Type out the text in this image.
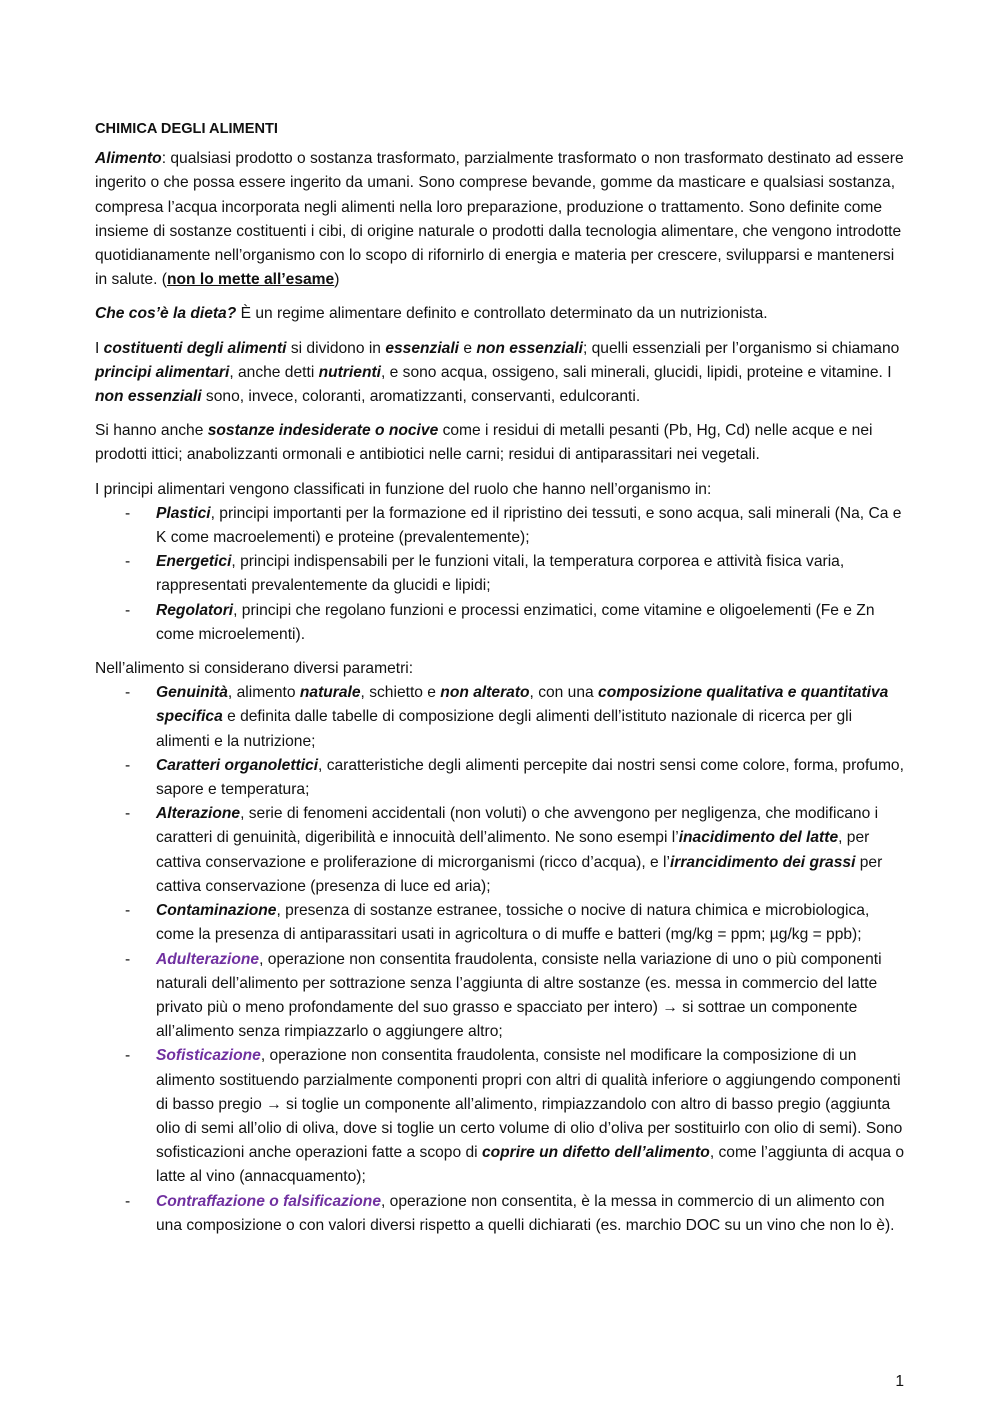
CHIMICA DEGLI ALIMENTI

Alimento: qualsiasi prodotto o sostanza trasformato, parzialmente trasformato o non trasformato destinato ad essere ingerito o che possa essere ingerito da umani. Sono comprese bevande, gomme da masticare e qualsiasi sostanza, compresa l’acqua incorporata negli alimenti nella loro preparazione, produzione o trattamento. Sono definite come insieme di sostanze costituenti i cibi, di origine naturale o prodotti dalla tecnologia alimentare, che vengono introdotte quotidianamente nell’organismo con lo scopo di rifornirlo di energia e materia per crescere, svilupparsi e mantenersi in salute. (non lo mette all’esame)

Che cos’è la dieta? È un regime alimentare definito e controllato determinato da un nutrizionista.

I costituenti degli alimenti si dividono in essenziali e non essenziali; quelli essenziali per l’organismo si chiamano principi alimentari, anche detti nutrienti, e sono acqua, ossigeno, sali minerali, glucidi, lipidi, proteine e vitamine. I non essenziali sono, invece, coloranti, aromatizzanti, conservanti, edulcoranti.

Si hanno anche sostanze indesiderate o nocive come i residui di metalli pesanti (Pb, Hg, Cd) nelle acque e nei prodotti ittici; anabolizzanti ormonali e antibiotici nelle carni; residui di antiparassitari nei vegetali.

I principi alimentari vengono classificati in funzione del ruolo che hanno nell’organismo in:

- Plastici, principi importanti per la formazione ed il ripristino dei tessuti, e sono acqua, sali minerali (Na, Ca e K come macroelementi) e proteine (prevalentemente);
- Energetici, principi indispensabili per le funzioni vitali, la temperatura corporea e attività fisica varia, rappresentati prevalentemente da glucidi e lipidi;
- Regolatori, principi che regolano funzioni e processi enzimatici, come vitamine e oligoelementi (Fe e Zn come microelementi).

Nell’alimento si considerano diversi parametri:

- Genuinità, alimento naturale, schietto e non alterato, con una composizione qualitativa e quantitativa specifica e definita dalle tabelle di composizione degli alimenti dell’istituto nazionale di ricerca per gli alimenti e la nutrizione;
- Caratteri organolettici, caratteristiche degli alimenti percepite dai nostri sensi come colore, forma, profumo, sapore e temperatura;
- Alterazione, serie di fenomeni accidentali (non voluti) o che avvengono per negligenza, che modificano i caratteri di genuinità, digeribilità e innocuità dell’alimento. Ne sono esempi l’inacidimento del latte, per cattiva conservazione e proliferazione di microrganismi (ricco d’acqua), e l’irrancidimento dei grassi per cattiva conservazione (presenza di luce ed aria);
- Contaminazione, presenza di sostanze estranee, tossiche o nocive di natura chimica e microbiologica, come la presenza di antiparassitari usati in agricoltura o di muffe e batteri (mg/kg = ppm; µg/kg = ppb);
- Adulterazione, operazione non consentita fraudolenta, consiste nella variazione di uno o più componenti naturali dell’alimento per sottrazione senza l’aggiunta di altre sostanze (es. messa in commercio del latte privato più o meno profondamente del suo grasso e spacciato per intero) → si sottrae un componente all’alimento senza rimpiazzarlo o aggiungere altro;
- Sofisticazione, operazione non consentita fraudolenta, consiste nel modificare la composizione di un alimento sostituendo parzialmente componenti propri con altri di qualità inferiore o aggiungendo componenti di basso pregio → si toglie un componente all’alimento, rimpiazzandolo con altro di basso pregio (aggiunta olio di semi all’olio di oliva, dove si toglie un certo volume di olio d’oliva per sostituirlo con olio di semi). Sono sofisticazioni anche operazioni fatte a scopo di coprire un difetto dell’alimento, come l’aggiunta di acqua o latte al vino (annacquamento);
- Contraffazione o falsificazione, operazione non consentita, è la messa in commercio di un alimento con una composizione o con valori diversi rispetto a quelli dichiarati (es. marchio DOC su un vino che non lo è).
1
